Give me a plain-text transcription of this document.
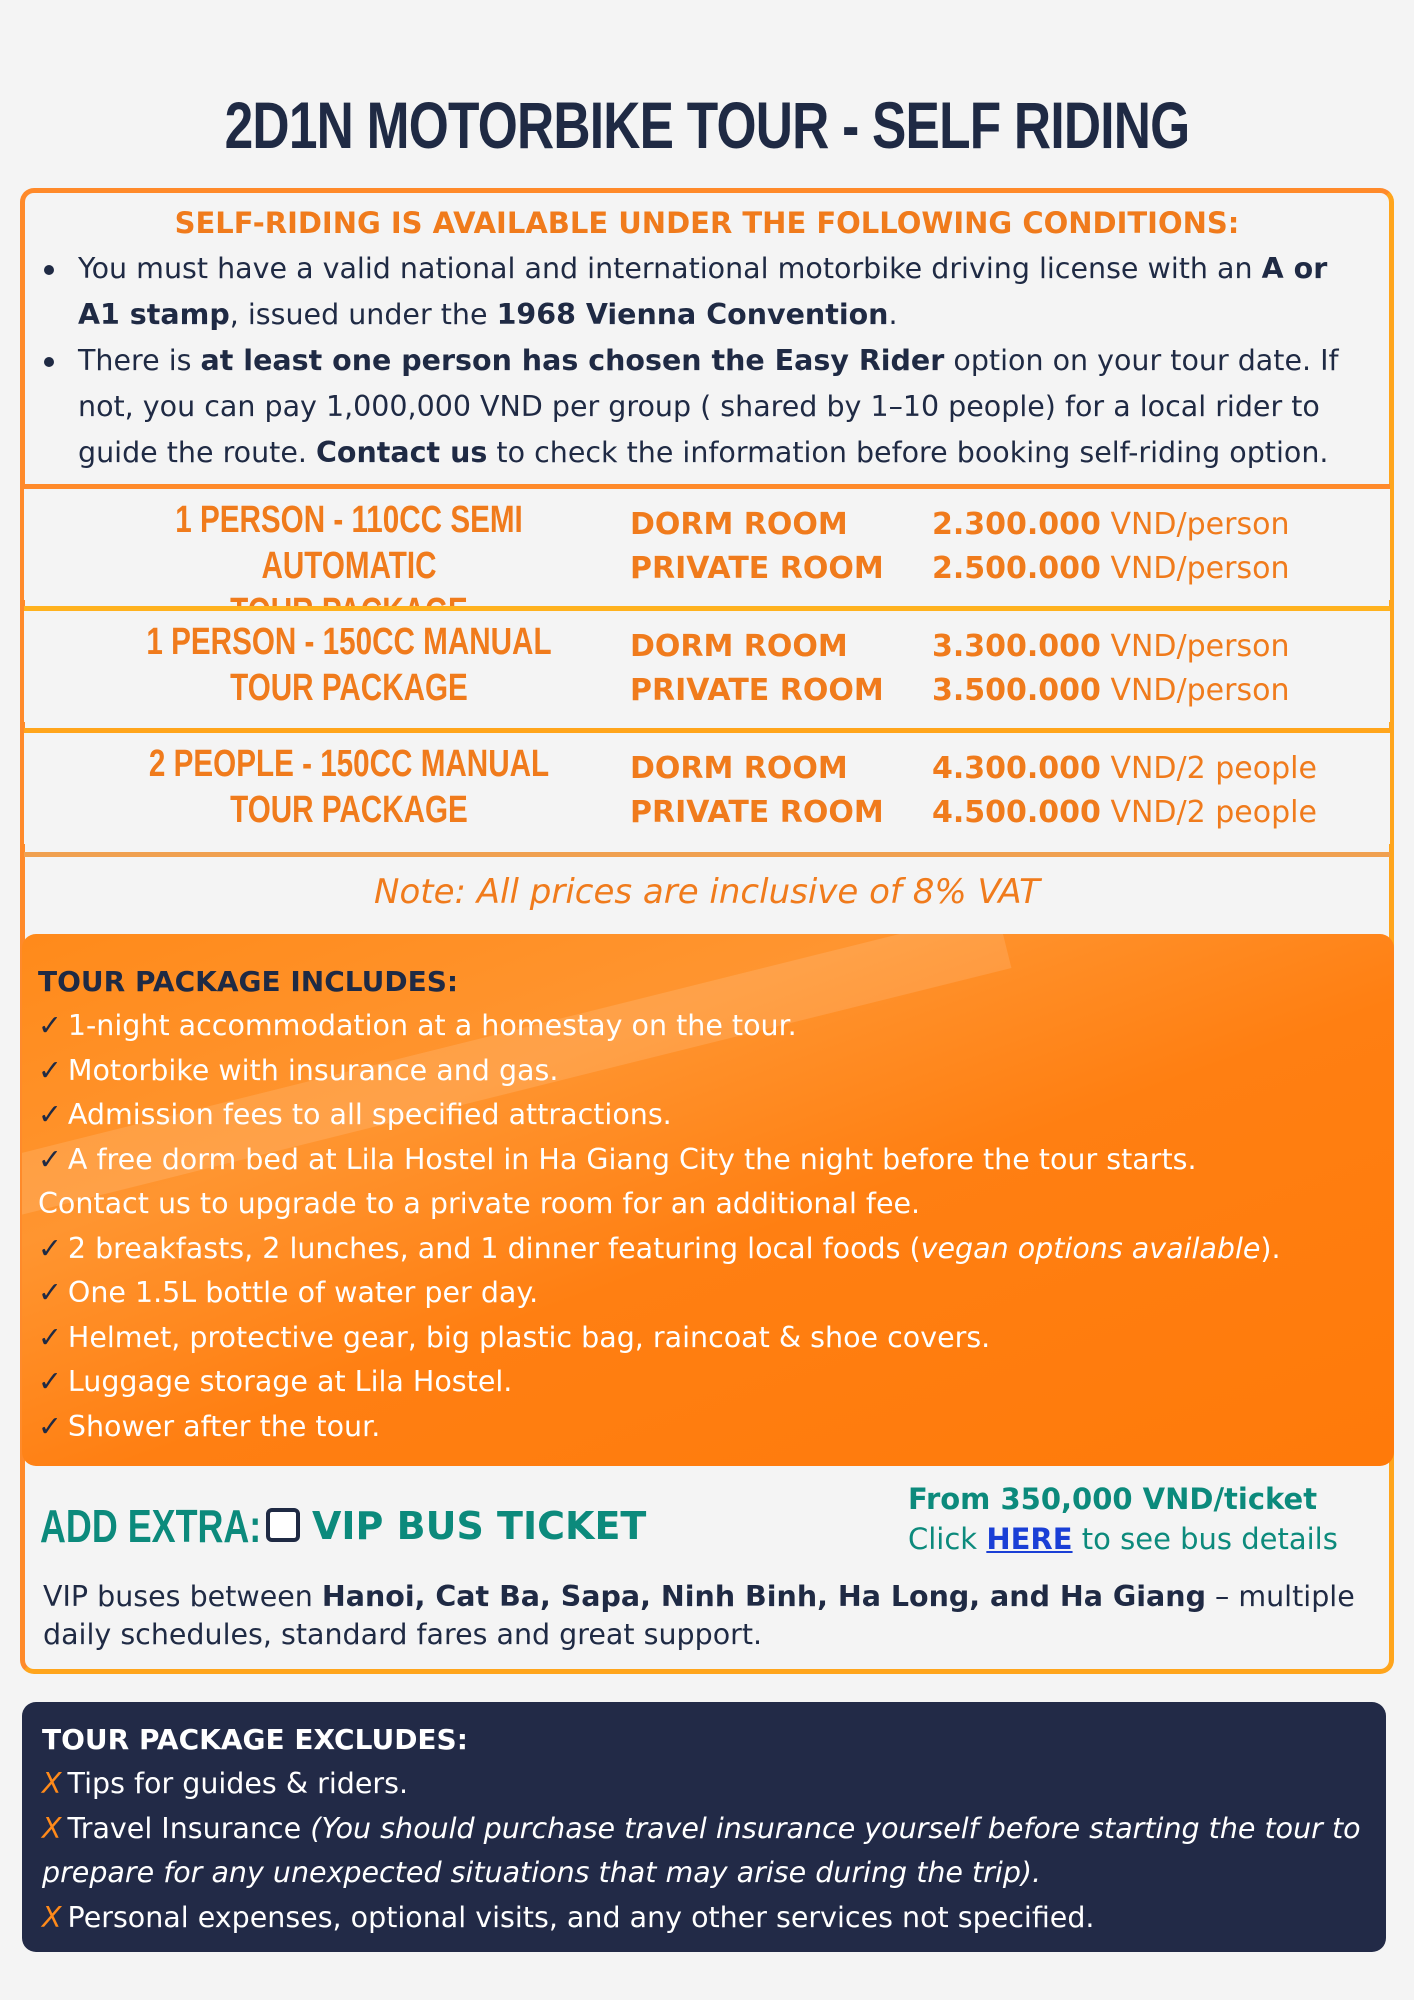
2D1N MOTORBIKE TOUR - SELF RIDING
SELF-RIDING IS AVAILABLE UNDER THE FOLLOWING CONDITIONS:
You must have a valid national and international motorbike driving license with an A or A1 stamp, issued under the 1968 Vienna Convention.
There is at least one person has chosen the Easy Rider option on your tour date. If not, you can pay 1,000,000 VND per group ( shared by 1–10 people) for a local rider to guide the route. Contact us to check the information before booking self-riding option.
1 PERSON - 110CC SEMI AUTOMATIC
DORM ROOM
PRIVATE ROOM
2.300.000 VND/person
2.500.000 VND/person
1 PERSON - 150CC MANUAL
TOUR PACKAGE
DORM ROOM
PRIVATE ROOM
3.300.000 VND/person
3.500.000 VND/person
2 PEOPLE - 150CC MANUAL
TOUR PACKAGE
DORM ROOM
PRIVATE ROOM
4.300.000 VND/2 people
4.500.000 VND/2 people
Note: All prices are inclusive of 8% VAT
TOUR PACKAGE INCLUDES:
✓ 1-night accommodation at a homestay on the tour.
✓ Motorbike with insurance and gas.
✓ Admission fees to all specified attractions.
✓ A free dorm bed at Lila Hostel in Ha Giang City the night before the tour starts.
Contact us to upgrade to a private room for an additional fee.
✓ 2 breakfasts, 2 lunches, and 1 dinner featuring local foods (vegan options available).
✓ One 1.5L bottle of water per day.
✓ Helmet, protective gear, big plastic bag, raincoat & shoe covers.
✓ Luggage storage at Lila Hostel.
✓ Shower after the tour.
ADD EXTRA: VIP BUS TICKET
From 350,000 VND/ticket
Click HERE to see bus details
VIP buses between Hanoi, Cat Ba, Sapa, Ninh Binh, Ha Long, and Ha Giang – multiple daily schedules, standard fares and great support.
TOUR PACKAGE EXCLUDES:
X Tips for guides & riders.
X Travel Insurance (You should purchase travel insurance yourself before starting the tour to prepare for any unexpected situations that may arise during the trip).
X Personal expenses, optional visits, and any other services not specified.
